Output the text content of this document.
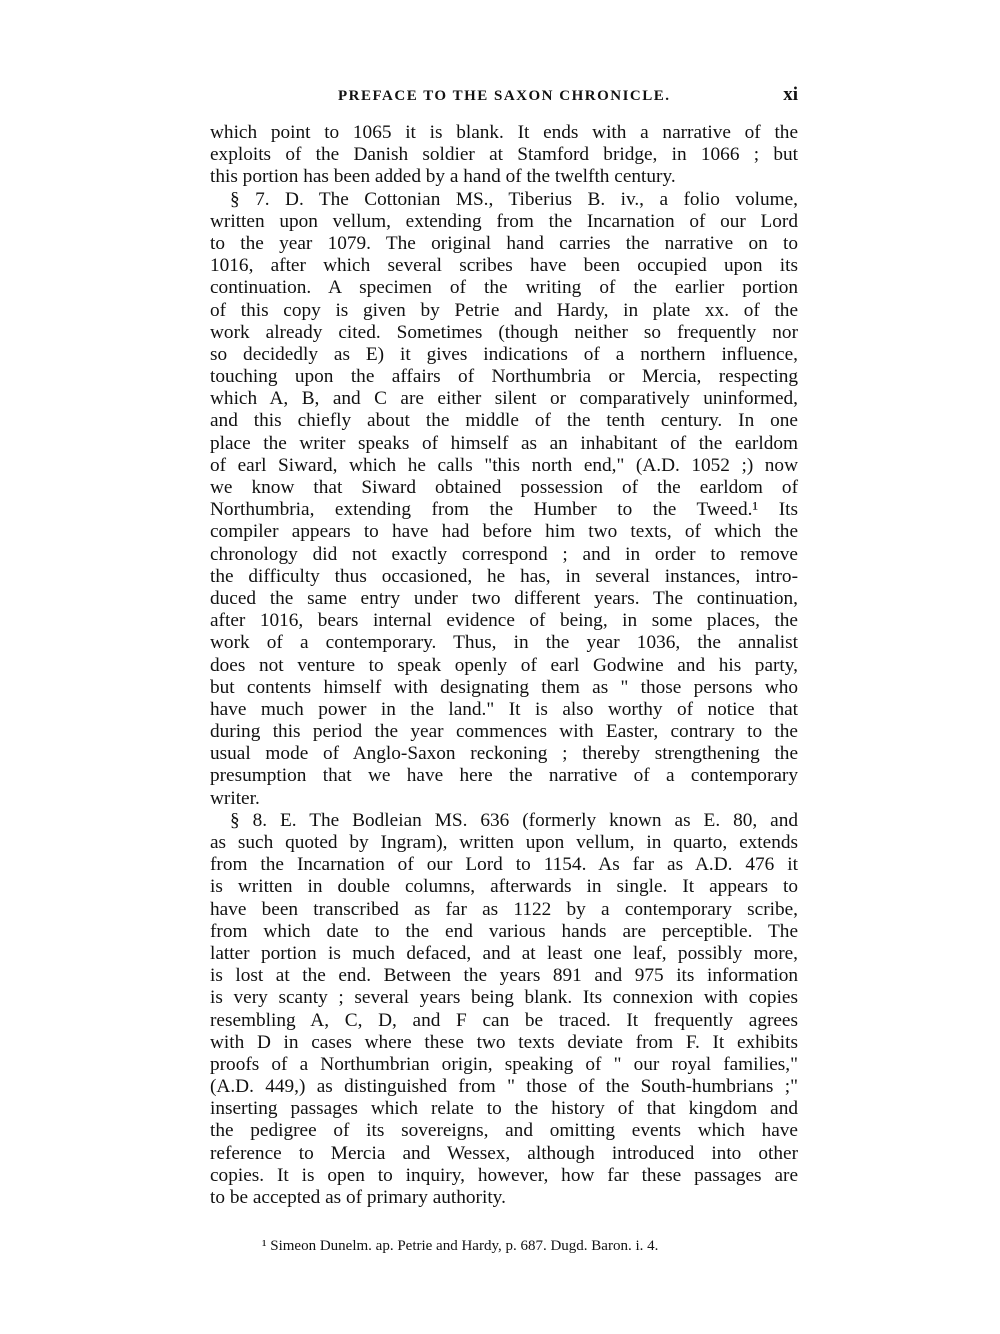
PREFACE TO THE SAXON CHRONICLE.	xi
which point to 1065 it is blank. It ends with a narrative of the
exploits of the Danish soldier at Stamford bridge, in 1066 ; but
this portion has been added by a hand of the twelfth century.
§ 7. D. The Cottonian MS., Tiberius B. iv., a folio volume,
written upon vellum, extending from the Incarnation of our Lord
to the year 1079. The original hand carries the narrative on to
1016, after which several scribes have been occupied upon its
continuation. A specimen of the writing of the earlier portion
of this copy is given by Petrie and Hardy, in plate xx. of the
work already cited. Sometimes (though neither so frequently nor
so decidedly as E) it gives indications of a northern influence,
touching upon the affairs of Northumbria or Mercia, respecting
which A, B, and C are either silent or comparatively uninformed,
and this chiefly about the middle of the tenth century. In one
place the writer speaks of himself as an inhabitant of the earldom
of earl Siward, which he calls "this north end," (A.D. 1052 ;) now
we know that Siward obtained possession of the earldom of
Northumbria, extending from the Humber to the Tweed.¹ Its
compiler appears to have had before him two texts, of which the
chronology did not exactly correspond ; and in order to remove
the difficulty thus occasioned, he has, in several instances, intro-
duced the same entry under two different years. The continuation,
after 1016, bears internal evidence of being, in some places, the
work of a contemporary. Thus, in the year 1036, the annalist
does not venture to speak openly of earl Godwine and his party,
but contents himself with designating them as " those persons who
have much power in the land." It is also worthy of notice that
during this period the year commences with Easter, contrary to the
usual mode of Anglo-Saxon reckoning ; thereby strengthening the
presumption that we have here the narrative of a contemporary
writer.
§ 8. E. The Bodleian MS. 636 (formerly known as E. 80, and
as such quoted by Ingram), written upon vellum, in quarto, extends
from the Incarnation of our Lord to 1154. As far as A.D. 476 it
is written in double columns, afterwards in single. It appears to
have been transcribed as far as 1122 by a contemporary scribe,
from which date to the end various hands are perceptible. The
latter portion is much defaced, and at least one leaf, possibly more,
is lost at the end. Between the years 891 and 975 its information
is very scanty ; several years being blank. Its connexion with copies
resembling A, C, D, and F can be traced. It frequently agrees
with D in cases where these two texts deviate from F. It exhibits
proofs of a Northumbrian origin, speaking of " our royal families,"
(A.D. 449,) as distinguished from " those of the South-humbrians ;"
inserting passages which relate to the history of that kingdom and
the pedigree of its sovereigns, and omitting events which have
reference to Mercia and Wessex, although introduced into other
copies. It is open to inquiry, however, how far these passages are
to be accepted as of primary authority.
¹ Simeon Dunelm. ap. Petrie and Hardy, p. 687. Dugd. Baron. i. 4.
